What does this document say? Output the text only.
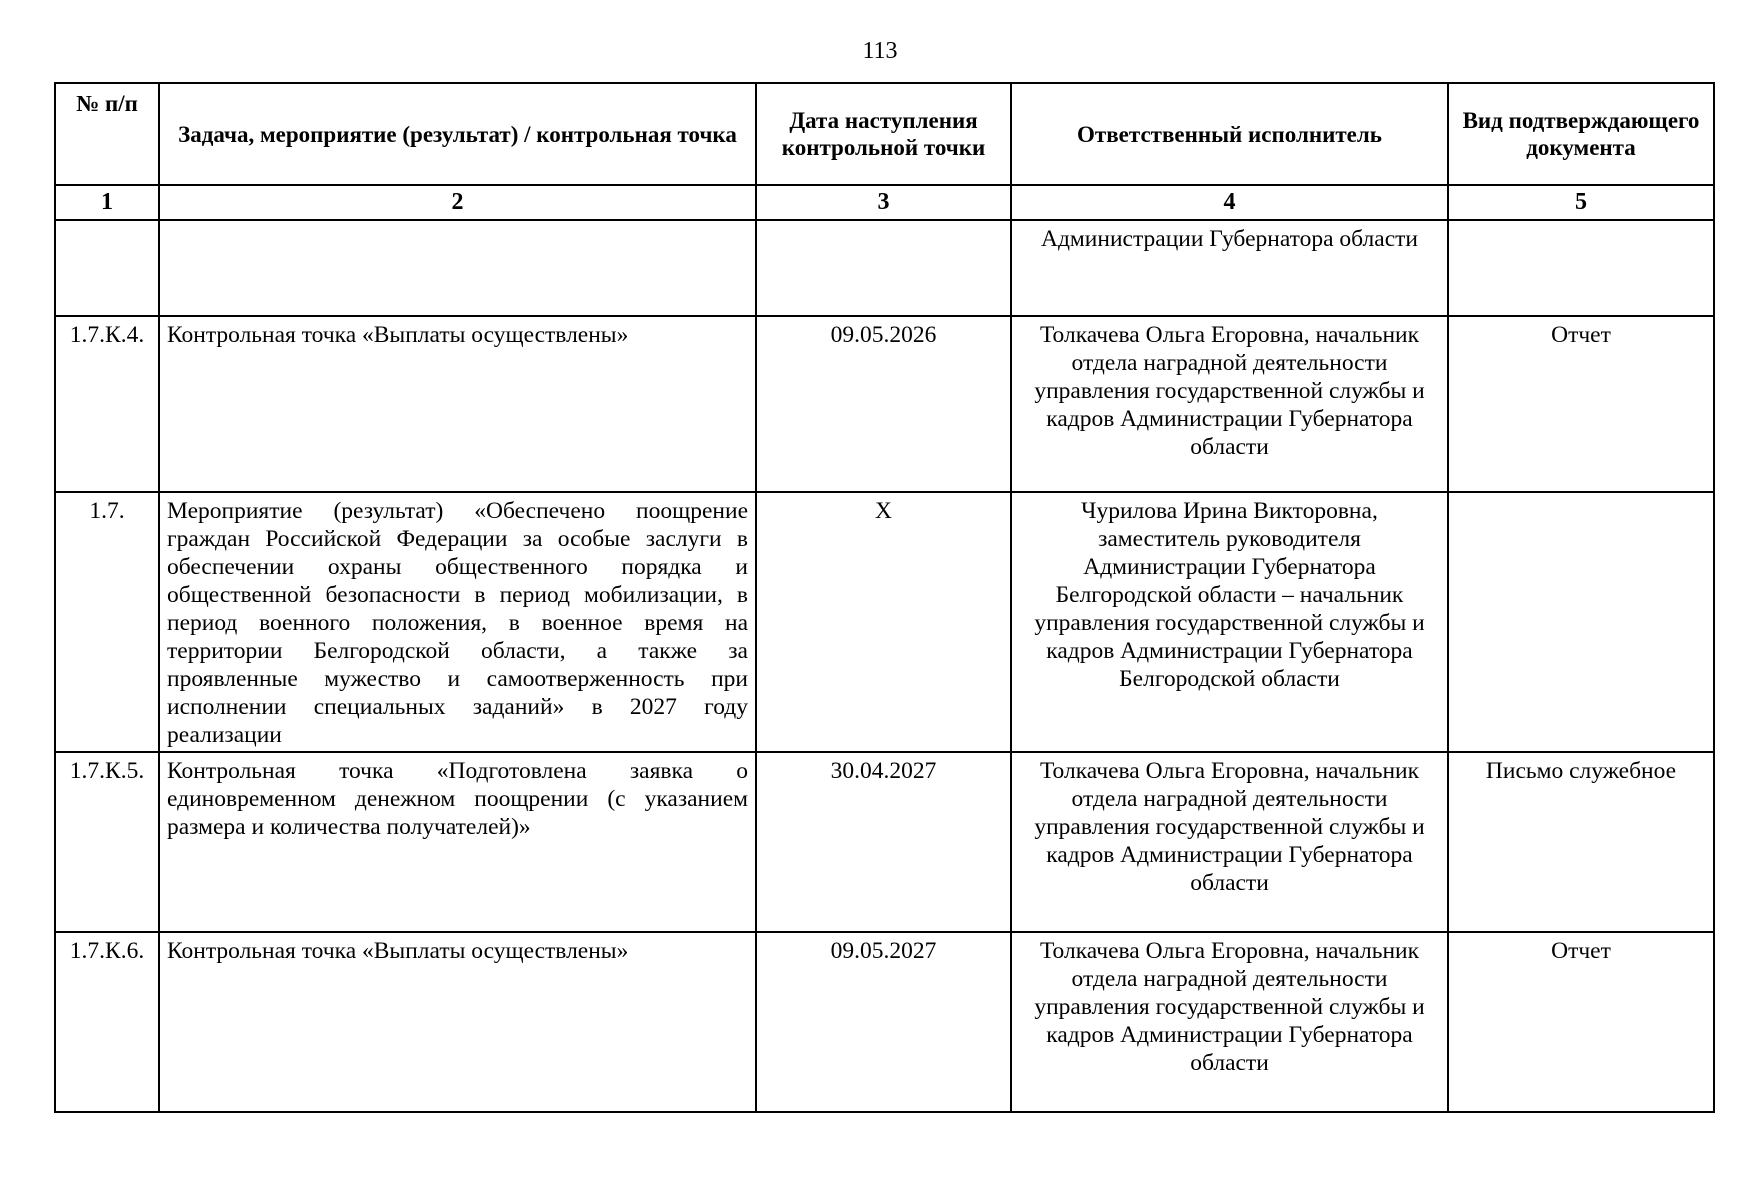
113
№ п/п	Задача, мероприятие (результат) / контрольная точка	Дата наступления контрольной точки	Ответственный исполнитель	Вид подтверждающего документа
1	2	3	4	5
			Администрации Губернатора области	
1.7.К.4.	Контрольная точка «Выплаты осуществлены»	09.05.2026	Толкачева Ольга Егоровна, начальник отдела наградной деятельности управления государственной службы и кадров Администрации Губернатора области	Отчет
1.7.	Мероприятие (результат) «Обеспечено поощрение граждан Российской Федерации за особые заслуги в обеспечении охраны общественного порядка и общественной безопасности в период мобилизации, в период военного положения, в военное время на территории Белгородской области, а также за проявленные мужество и самоотверженность при исполнении специальных заданий» в 2027 году реализации	Х	Чурилова Ирина Викторовна, заместитель руководителя Администрации Губернатора Белгородской области – начальник управления государственной службы и кадров Администрации Губернатора Белгородской области	
1.7.К.5.	Контрольная точка «Подготовлена заявка о единовременном денежном поощрении (с указанием размера и количества получателей)»	30.04.2027	Толкачева Ольга Егоровна, начальник отдела наградной деятельности управления государственной службы и кадров Администрации Губернатора области	Письмо служебное
1.7.К.6.	Контрольная точка «Выплаты осуществлены»	09.05.2027	Толкачева Ольга Егоровна, начальник отдела наградной деятельности управления государственной службы и кадров Администрации Губернатора области	Отчет
